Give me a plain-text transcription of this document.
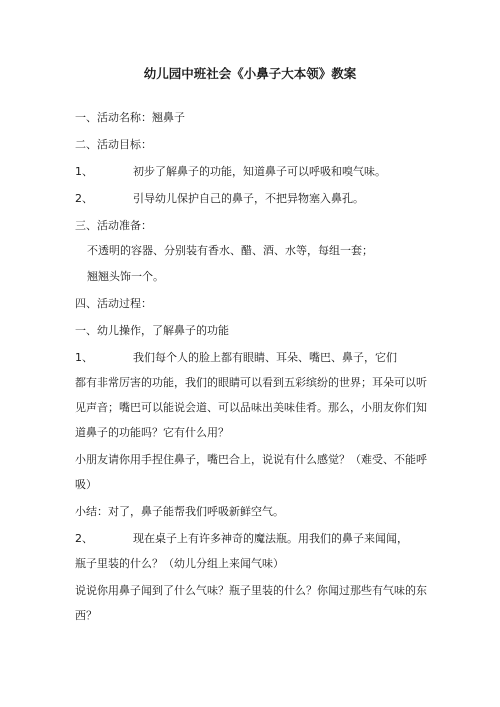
幼儿园中班社会《小鼻子大本领》教案
一、活动名称：翘鼻子
二、活动目标：
1、	初步了解鼻子的功能，知道鼻子可以呼吸和嗅气味。
2、	引导幼儿保护自己的鼻子，不把异物塞入鼻孔。
三、活动准备：
不透明的容器、分别装有香水、醋、酒、水等，每组一套；
翘翘头饰一个。
四、活动过程：
一、幼儿操作，了解鼻子的功能
1、	我们每个人的脸上都有眼睛、耳朵、嘴巴、鼻子，它们
都有非常厉害的功能，我们的眼睛可以看到五彩缤纷的世界；耳朵可以听
见声音；嘴巴可以能说会道、可以品味出美味佳肴。那么，小朋友你们知
道鼻子的功能吗？它有什么用？
小朋友请你用手捏住鼻子，嘴巴合上，说说有什么感觉？（难受、不能呼
吸）
小结：对了，鼻子能帮我们呼吸新鲜空气。
2、	现在桌子上有许多神奇的魔法瓶。用我们的鼻子来闻闻，
瓶子里装的什么？（幼儿分组上来闻气味）
说说你用鼻子闻到了什么气味？瓶子里装的什么？你闻过那些有气味的东
西？
